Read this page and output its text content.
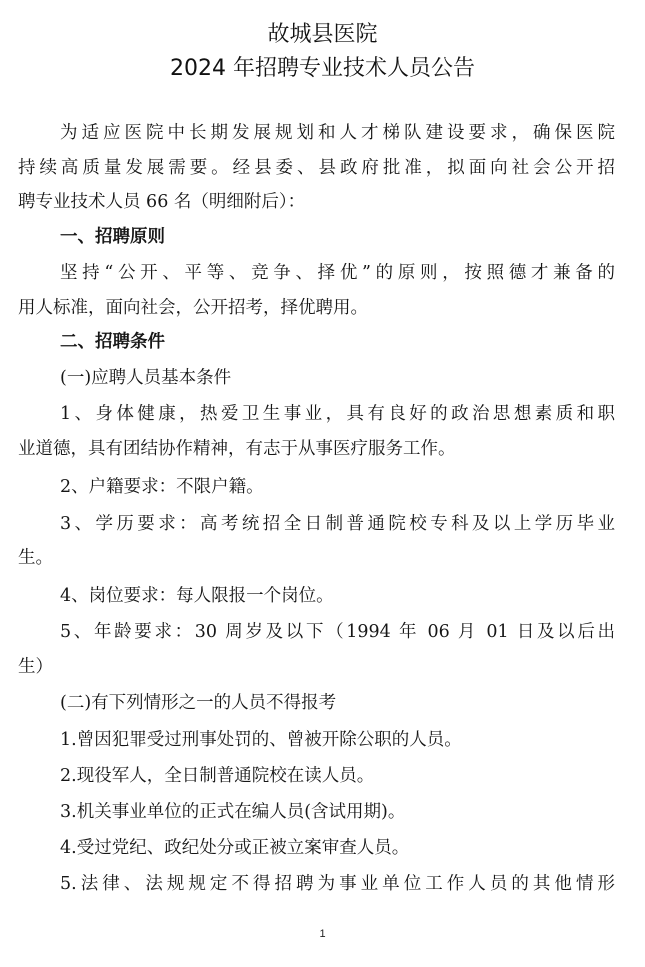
故城县医院
2024 年招聘专业技术人员公告
为适应医院中长期发展规划和人才梯队建设要求，确保医院
持续高质量发展需要。经县委、县政府批准，拟面向社会公开招
聘专业技术人员 66 名（明细附后）：
一、招聘原则
坚持“公开、平等、竞争、择优”的原则，按照德才兼备的
用人标准，面向社会，公开招考，择优聘用。
二、招聘条件
(一)应聘人员基本条件
1、身体健康，热爱卫生事业，具有良好的政治思想素质和职
业道德，具有团结协作精神，有志于从事医疗服务工作。
2、户籍要求：不限户籍。
3、学历要求：高考统招全日制普通院校专科及以上学历毕业
生。
4、岗位要求：每人限报一个岗位。
5、年龄要求：30 周岁及以下（1994 年 06 月 01 日及以后出
生）
(二)有下列情形之一的人员不得报考
1.曾因犯罪受过刑事处罚的、曾被开除公职的人员。
2.现役军人，全日制普通院校在读人员。
3.机关事业单位的正式在编人员(含试用期)。
4.受过党纪、政纪处分或正被立案审查人员。
5.法律、法规规定不得招聘为事业单位工作人员的其他情形
1
